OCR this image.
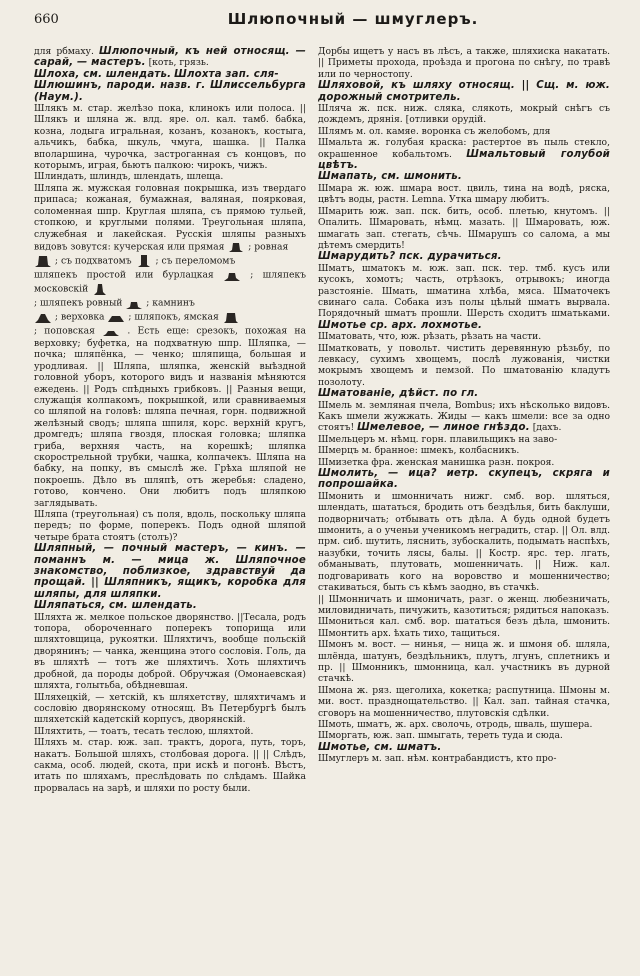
660	Шлюпочный — шмуглеръ.

для рбмаху. Шлюпочный, къ ней относящ. — сарай, — мастеръ. [коть, грязь.

Шлоха, см. шлендать. Шлохта зап. сля-

Шлюшинъ, пароди. назв. г. Шлиссельбурга (Наум.).

Шлякъ м. стар. желѣзо пока, клинокъ или полоса. || Шлякъ и шляна ж. влд. яре. ол. кал. тамб. бабка, козна, лодыга игральная, козанъ, козанокъ, костыга, альчикъ, бабка, шкуль, чмуга, шашка. || Палка вполаршина, чурочка, застроганная съ концовъ, по которымъ, играя, бьютъ палкою: чирокъ, чижъ.

Шлиндать, шлиндъ, шлендать, шлеща.

Шляпа ж. мужская головная покрышка, изъ твердаго припаса; кожаная, бумажная, валяная, поярковая, соломенная шпр. Круглая шляпа, съ прямою тульей, стопкою, и круглыми полями. Треугольная шляпа, служебная и лакейская. Русскія шляпы разныхъ видовъ зовутся: кучерская или прямая	; ровная

; съ подхватомъ	; съ переломомъ

шляпекъ простой или бурлацкая	; шляпекъ московскій

; шляпекъ ровный	; камнинъ

; верховка	; шляпокъ, ямская

; поповская	. Есть еще: срезокъ, похожая на верховку; буфетка, на подхватную шпр. Шляпка, — почка; шляпёнка, — ченко; шляпища, большая и уродливая. || Шляпа, шляпка, женскій выѣздной головной уборъ, которого видъ и названія мѣняются ежедень. || Родъ спѣдныхъ грибковъ. || Разныя вещи, служащія колпакомъ, покрышкой, или сравниваемыя со шляпой на головѣ: шляпа печная, горн. подвижной желѣзный сводъ; шляпа шпиля, корс. верхній кругъ, дромгедъ; шляпа гвоздя, плоская головка; шляпка гриба, верхняя часть, на корешкѣ; шляпка скорострельной трубки, чашка, колпачекъ. Шляпа на бабку, на попку, въ смыслѣ же. Грѣха шляпой не покроешь. Дѣло въ шляпѣ, отъ жеребья: сладено, готово, кончено. Они любитъ подъ шляпкою заглядывать.

Шляпа (треугольная) съ поля, вдоль, поскольку шляпа передъ; по форме, поперекъ. Подъ одной шляпой четыре брата стоятъ (столъ)?

Шляпный, — почный мастеръ, — кинъ. — поманнъ м. — мица ж. Шляпочное знакомство, поблизкое, здравствуй да прощай. || Шляпникъ, ящикъ, коробка для шляпы, для шляпки.

Шляпаться, см. шлендать.

Шляхта ж. мелкое польское дворянство. ||Тесала, родъ топора, обороченнаго поперекъ топорища или шляхтовщица, рукоятки. Шляхтичъ, вообще польскій дворянинъ; — чанка, женщина этого сословія. Голь, да въ шляхтѣ — тотъ же шляхтичъ. Хоть шляхтичъ дробной, да породы доброй. Обручжая (Омонаевская) шляхта, голытьба, обѣдневшая.

Шляхецкій, — хетскій, къ шляхетству, шляхтичамъ и сословію дворянскому относящ. Въ Петербургѣ былъ шляхетскій кадетскій корпусъ, дворянскій.

Шляхтить, — тоатъ, тесать теслою, шляхтой.

Шляхъ м. стар. юж. зап. трактъ, дорога, путь, торъ, накатъ. Большой шляхъ, столбовая дорога. || || Слѣдъ, сакма, особ. людей, скота, при искѣ и погонѣ. Вѣстъ, итать по шляхамъ, преслѣдовать по слѣдамъ. Шайка прорвалась на зарѣ, и шляхи по росту были.

Дорбы ищетъ у насъ въ лѣсъ, а также, шляхиска накатать. || Приметы прохода, проѣзда и прогона по снѣгу, по травѣ или по черностопу.

Шляховой, къ шляху относящ. || Сщ. м. юж. дорожный смотритель.

Шляча ж. пск. ниж. сляка, слякоть, мокрый снѣгъ съ дождемъ, дрянія. [отливки орудій.

Шлямъ м. ол. камяе. воронка съ желобомъ, для

Шмальта ж. голубая краска: растертое въ пыль стекло, окрашенное кобальтомъ. Шмальтовый голубой цвѣтъ.

Шмапать, см. шмонить.

Шмара ж. юж. шмара вост. цвиль, тина на водѣ, ряска, цвѣтъ воды, растн. Lemna. Утка шмару любитъ.

Шмарить юж. зап. пск. бить, особ. плетью, кнутомъ. || Опалить. Шмаровать, нѣмц. мазать. || Шмаровать, юж. шмагать зап. стегать, сѣчь. Шмарушъ со салома, а мы дѣтемъ смердить!

Шмарудить? пск. дурачиться.

Шматъ, шматокъ м. юж. зап. пск. тер. тмб. кусъ или кусокъ, хомотъ; часть, отрѣзокъ, отрывокъ; иногда разстояніе. Шмать, шматина хлѣба, мяса. Шматочекъ свинаго сала. Собака изъ полы цѣлый шматъ вырвала. Порядочный шматъ прошли. Шерсть сходитъ шматьками. Шмотье ср. арх. лохмотье.

Шматовать, что, юж. рѣзать, рѣзать на части.

Шматковать, у повольт. чистить деревянную рѣзьбу, по левкасу, сухимъ хвощемъ, послѣ лужованія, чистки мокрымъ хвощемъ и пемзой. По шматованію кладутъ позолоту.

Шматованіе, дѣйст. по гл.

Шмель м. земляная пчела, Bombus; ихъ нѣсколько видовъ. Какъ шмели жужжать. Жиды — какъ шмели: все за одно стоятъ! Шмелевое, — линое гнѣздо. [дахъ.

Шмельцеръ м. нѣмц. горн. плавильщикъ на заво-

Шмерцъ м. бранное: шмекъ, колбасникъ.

Шмизетка фра. женская манишка разн. покроя.

Шмолить, — ица? иетр. скупецъ, скряга и попрошайка.

Шмонить и шмонничать нижг. смб. вор. шляться, шлендать, шататься, бродить отъ бездѣлья, бить баклуши, подворничать; отбывать отъ дѣла. А будь одной будетъ шмонить, а о ученьи ученикомъ неградить, стар. || Ол. влд. прм. сиб. шутить, ляснить, зубоскалить, подымать наспѣхъ, назубки, точить лясы, балы. || Костр. ярс. тер. лгать, обманывать, плутовать, мошенничать. || Ниж. кал. подговаривать кого на воровство и мошенничество; стакиваться, быть съ кѣмъ заодно, въ стачкѣ.

|| Шмонничать и шмоничать, разг. о женщ. любезничать, миловидничать, пичужить, казотиться; рядиться напоказъ.

Шмониться кал. смб. вор. шататься безъ дѣла, шмонить. Шмонтить арх. ѣхать тихо, тащиться.

Шмонъ м. вост. — нинья, — ница ж. и шмоня об. шляла, шлёнда, шатунъ, бездѣльникъ, плутъ, лгунъ, сплетникъ и пр. || Шмонникъ, шмонница, кал. участникъ въ дурной стачкѣ.

Шмона ж. ряз. щеголиха, кокетка; распутница. Шмоны м. ми. вост. празднощательство. || Кал. зап. тайная стачка, сговоръ на мошенничество, плутовскія сдѣлки.

Шмоть, шматъ, ж. арх. сволочь, отродь, шваль, шушера.

Шморгать, юж. зап. шмыгать, тереть туда и сюда.

Шмотье, см. шматъ.

Шмуглеръ м. зап. нѣм. контрабандистъ, кто про-
